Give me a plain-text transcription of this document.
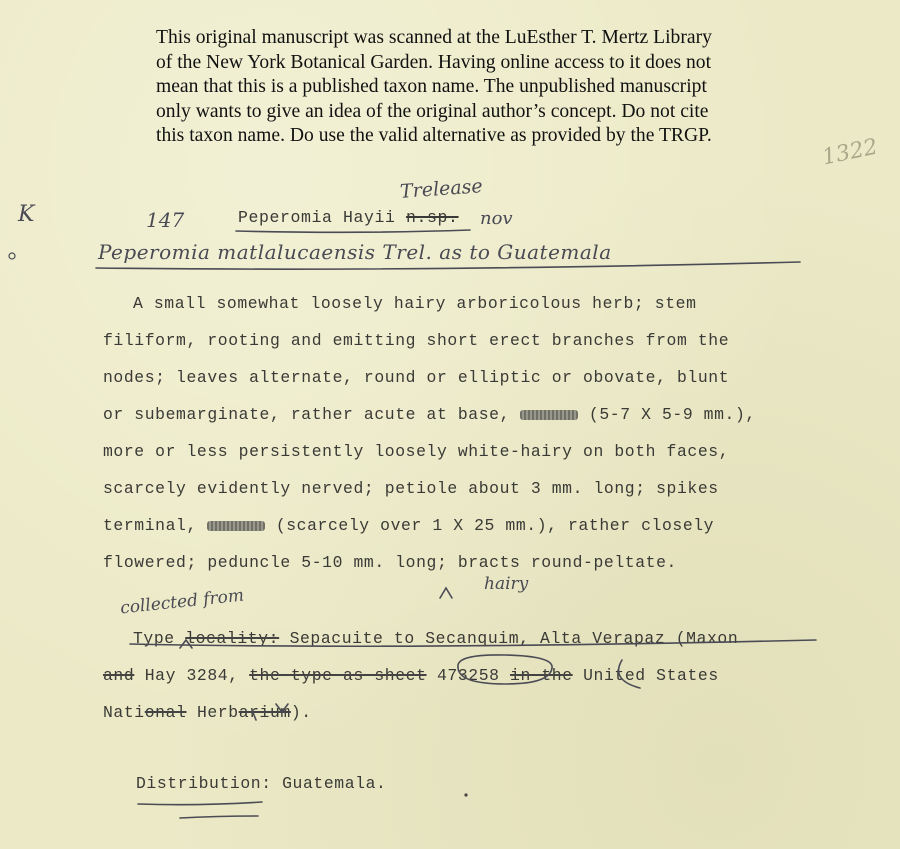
This original manuscript was scanned at the LuEsther T. Mertz Library
of the New York Botanical Garden. Having online access to it does not
mean that this is a published taxon name. The unpublished manuscript
only wants to give an idea of the original author’s concept. Do not cite
this taxon name. Do use the valid alternative as provided by the TRGP.
K
1322
147
Trelease
nov
Peperomia matlalucaensis Trel. as to Guatemala
hairy
collected from
Peperomia Hayii n.sp.
A small somewhat loosely hairy arboricolous herb; stem
filiform, rooting and emitting short erect branches from the
nodes; leaves alternate, round or elliptic or obovate, blunt
or subemarginate, rather acute at base,	(5-7 X 5-9 mm.),
more or less persistently loosely white-hairy on both faces,
scarcely evidently nerved; petiole about 3 mm. long; spikes
terminal,	(scarcely over 1 X 25 mm.), rather closely
flowered; peduncle 5-10 mm. long; bracts round-peltate.
Type locality: Sepacuite to Secanquim, Alta Verapaz (Maxon
and Hay 3284, the type as sheet 473258 in the United States
National Herbarium).
Distribution: Guatemala.
